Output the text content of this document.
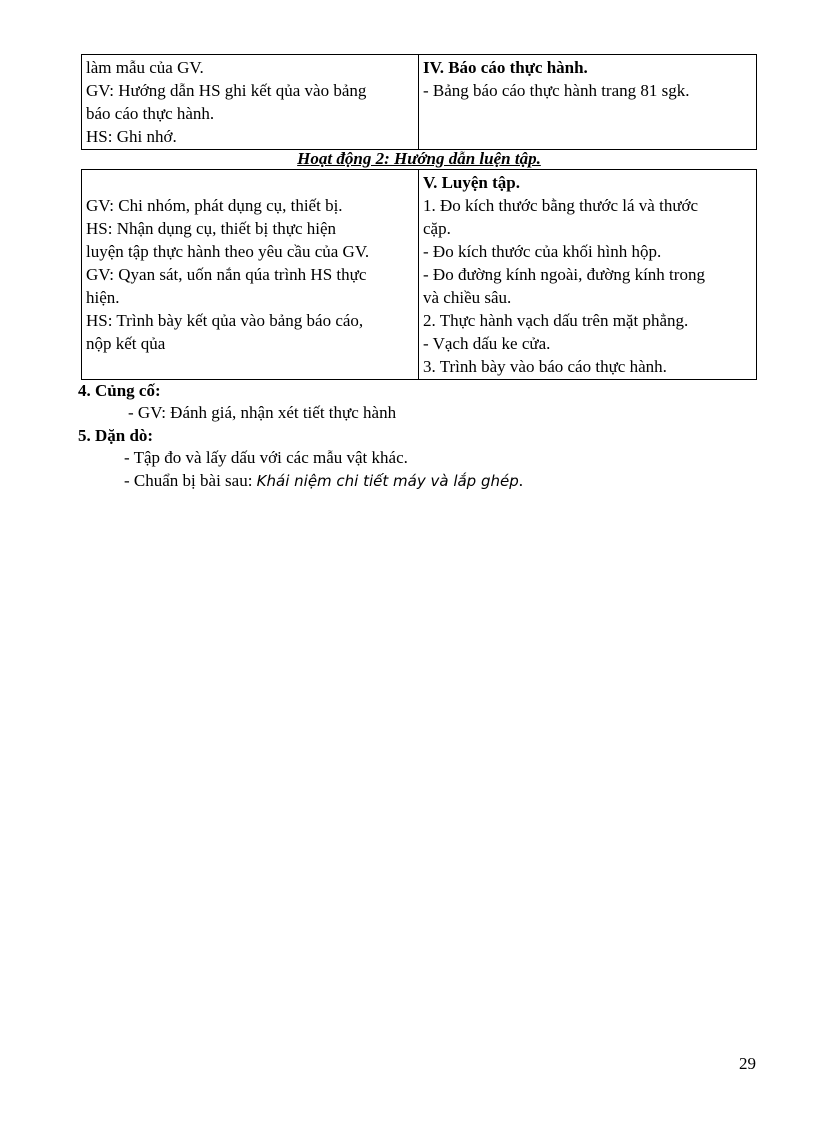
làm mẫu của GV.
GV: Hướng dẫn HS ghi kết qủa vào bảng
báo cáo thực hành.
HS: Ghi nhớ.

IV. Báo cáo thực hành.
- Bảng báo cáo thực hành trang 81 sgk.
Hoạt động 2: Hướng dẫn luện tập.
GV: Chi nhóm, phát dụng cụ, thiết bị.
HS: Nhận dụng cụ, thiết bị thực hiện
luyện tập thực hành theo yêu cầu của GV.
GV: Qyan sát, uốn nắn qúa trình HS thực
hiện.
HS: Trình bày kết qủa vào bảng báo cáo,
nộp kết qủa

V. Luyện tập.
1. Đo kích thước bằng thước lá và thước
cặp.
- Đo kích thước của khối hình hộp.
- Đo đường kính ngoài, đường kính trong
và chiều sâu.
2. Thực hành vạch dấu trên mặt phẳng.
- Vạch dấu ke cửa.
3. Trình bày vào báo cáo thực hành.
4. Củng cố:
- GV: Đánh giá, nhận xét tiết thực hành
5. Dặn dò:
- Tập đo và lấy dấu với các mẫu vật khác.
- Chuẩn bị bài sau: Khái niệm chi tiết máy và lắp ghép.
29
